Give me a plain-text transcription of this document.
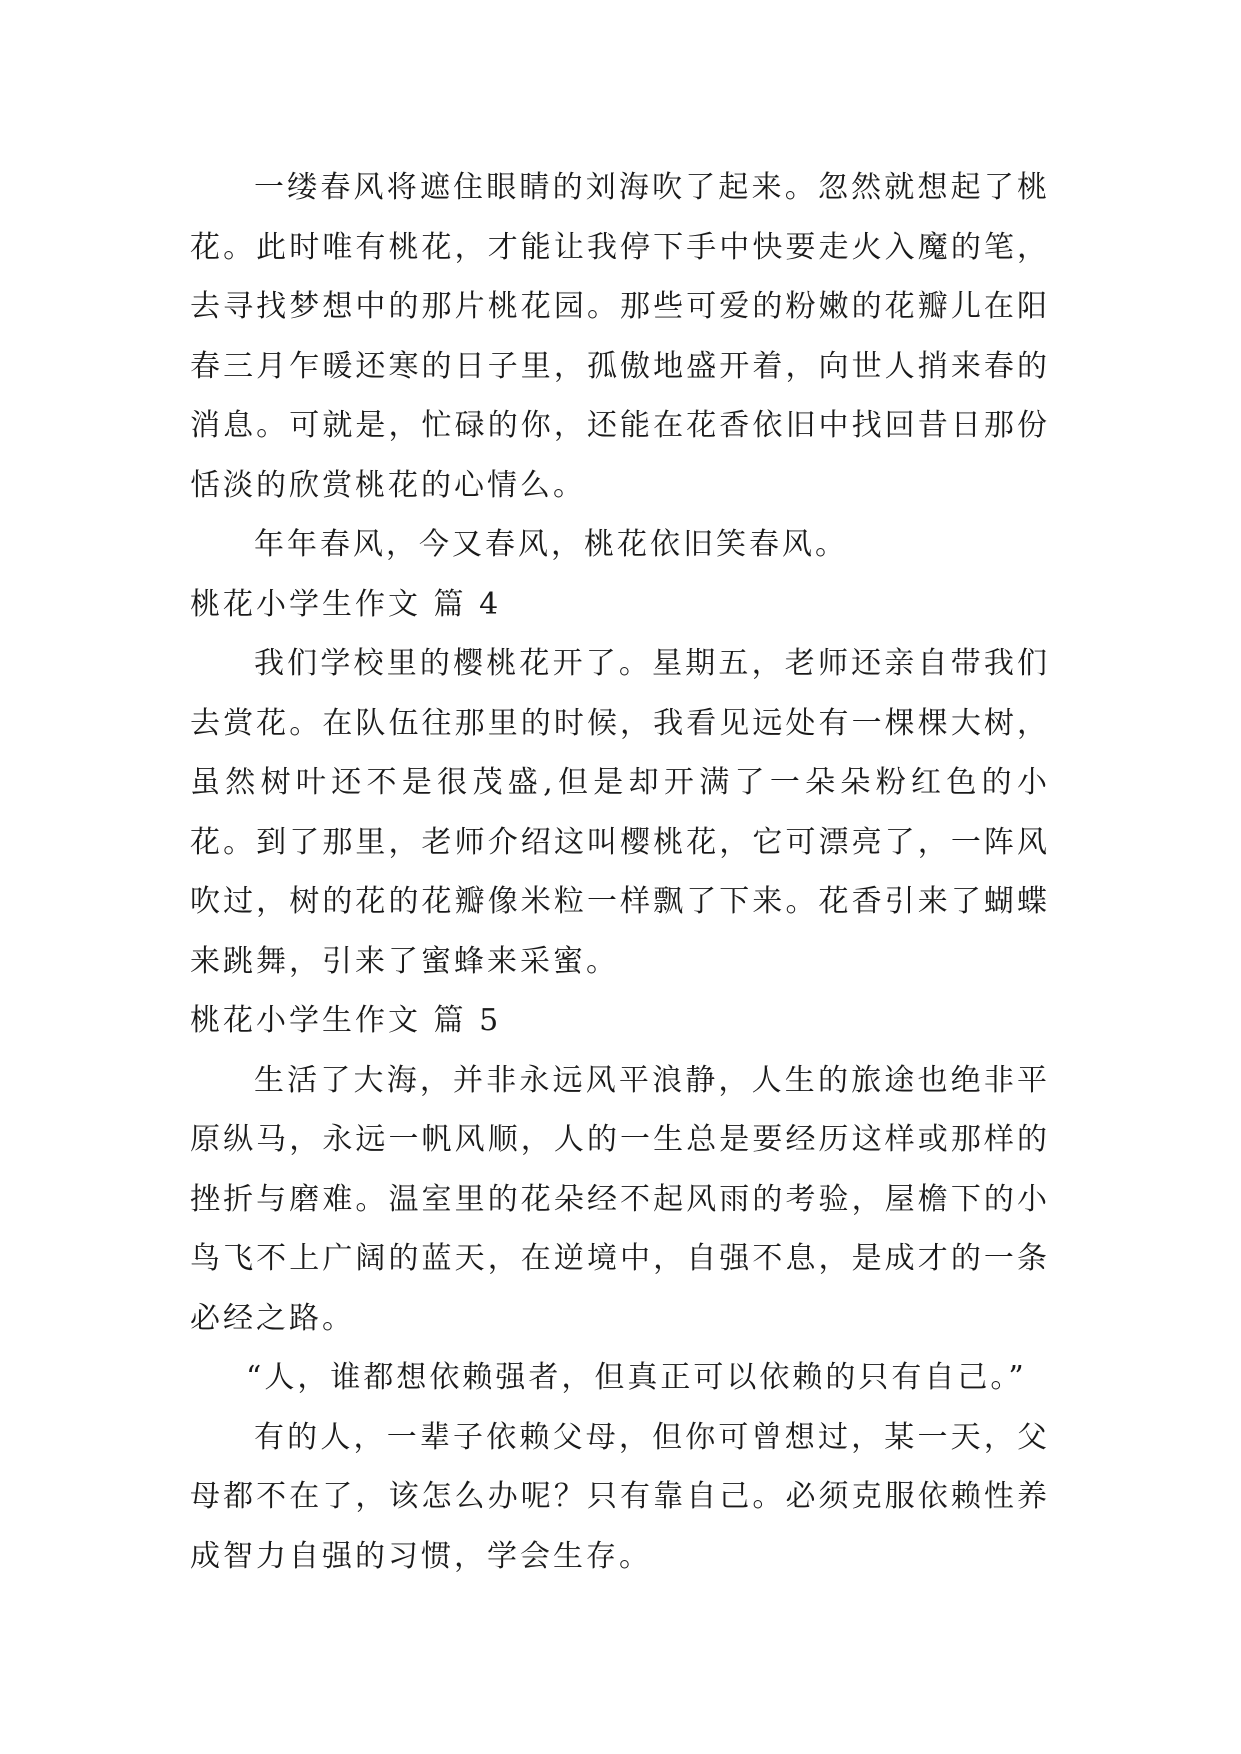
一缕春风将遮住眼睛的刘海吹了起来。忽然就想起了桃花。此时唯有桃花，才能让我停下手中快要走火入魔的笔，去寻找梦想中的那片桃花园。那些可爱的粉嫩的花瓣儿在阳春三月乍暖还寒的日子里，孤傲地盛开着，向世人捎来春的消息。可就是，忙碌的你，还能在花香依旧中找回昔日那份恬淡的欣赏桃花的心情么。

年年春风，今又春风，桃花依旧笑春风。

桃花小学生作文 篇 4

我们学校里的樱桃花开了。星期五，老师还亲自带我们去赏花。在队伍往那里的时候，我看见远处有一棵棵大树，虽然树叶还不是很茂盛,但是却开满了一朵朵粉红色的小花。到了那里，老师介绍这叫樱桃花，它可漂亮了，一阵风吹过，树的花的花瓣像米粒一样飘了下来。花香引来了蝴蝶来跳舞，引来了蜜蜂来采蜜。

桃花小学生作文 篇 5

生活了大海，并非永远风平浪静，人生的旅途也绝非平原纵马，永远一帆风顺，人的一生总是要经历这样或那样的挫折与磨难。温室里的花朵经不起风雨的考验，屋檐下的小鸟飞不上广阔的蓝天，在逆境中，自强不息，是成才的一条必经之路。

“人，谁都想依赖强者，但真正可以依赖的只有自己。”

有的人，一辈子依赖父母，但你可曾想过，某一天，父母都不在了，该怎么办呢？只有靠自己。必须克服依赖性养成智力自强的习惯，学会生存。
